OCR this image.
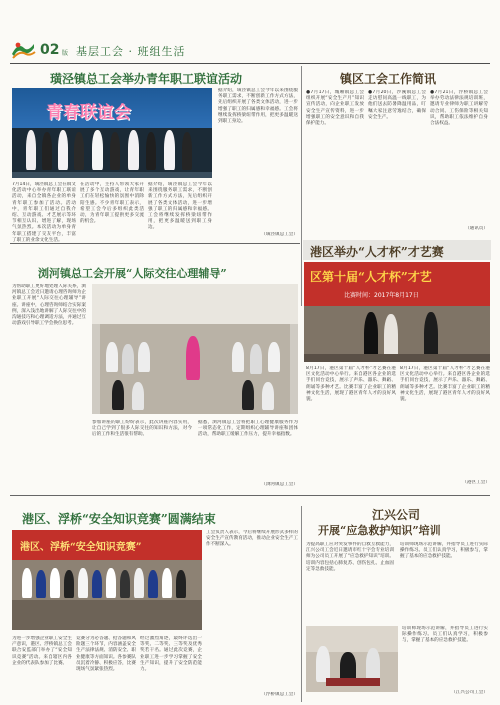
02 版 基层工会 · 班组生活
璜泾镇总工会举办青年职工联谊活动
青春联谊会
7月14日，璜泾镇总工会在镇文化活动中心举办青年职工联谊活动，来自全镇各企业的单身青年职工参加了活动。活动中，青年职工们通过自我介绍、互动游戏、才艺展示等环节相互认识、增进了解，现场气氛热烈。本次活动为单身青年职工搭建了交友平台，丰富了职工的业余文化生活。
在活动中，主持人带领大家开展了多个互动游戏，让青年职工们在轻松愉快的氛围中消除陪生感。不少青年职工表示，希望工会今后多组织此类活动，为青年职工提供更多交流的机会。
据介绍，璜泾镇总工会今年以来围绕服务职工需求，不断创新工作方式方法，先后组织开展了各类文体活动，进一步增强了职工的归属感和幸福感。工会将继续发挥桥梁纽带作用，把更多温暖送到职工身边。
据介绍，璜泾镇总工会今年以来围绕服务职工需求，不断创新工作方式方法，先后组织开展了各类文体活动，进一步增强了职工的归属感和幸福感。工会将继续发挥桥梁纽带作用，把更多温暖送到职工身边。
（璜泾镇总工会）
镇区工会工作简讯
●7月17日，城厢镇总工会组织开展“安全生产月”知识宣传活动，向企业职工发放安全生产宣传资料，进一步增强职工的安全意识和自我保护能力。
●7月20日，沙溪镇总工会走访慰问高温一线职工，为他们送去防暑降温用品，叮嘱大家注意劳逸结合，确保安全生产。
●7月21日，浮桥镇总工会举办劳动法律法规培训班，邀请专业律师为职工讲解劳动合同、工伤保险等相关知识，帮助职工依法维护自身合法权益。
（通讯员）
港区举办“人才杯”才艺赛
区第十届“人才杯”才艺
比赛时间：2017年8月17日
8月17日，港区第十届“人才杯”才艺赛在港区文化活动中心举行。来自港区各企业的选手们同台竞技，展示了声乐、器乐、舞蹈、朗诵等多种才艺。比赛丰富了企业职工的精神文化生活，展现了港区青年人才的良好风貌。
8月17日，港区第十届“人才杯”才艺赛在港区文化活动中心举行。来自港区各企业的选手们同台竞技，展示了声乐、器乐、舞蹈、朗诵等多种才艺。比赛丰富了企业职工的精神文化生活，展现了港区青年人才的良好风貌。
（港区工会）
浏河镇总工会开展“人际交往心理辅导”
为帮助职工更好地处理人际关系，浏河镇总工会近日邀请心理咨询师为企业职工开展“人际交往心理辅导”讲座。讲座中，心理咨询师结合实际案例，深入浅出地讲解了人际交往中的沟通技巧和心理调适方法，并通过互动游戏引导职工学会换位思考。
参加讲座的职工纷纷表示，此次讲座内容实用，让自己学到了很多人际交往的知识和方法，对今后的工作和生活很有帮助。
据悉，浏河镇总工会将把职工心理健康服务作为一项常态化工作，定期组织心理辅导讲座和团体活动，帮助职工缓解工作压力，提升幸福指数。
（浏河镇总工会）
港区、浮桥“安全知识竞赛”圆满结束
港区、浮桥“安全知识竞赛”
为进一步增强企业职工安全生产意识，港区、浮桥镇总工会联合安监部门举办了“安全知识竞赛”活动。来自辖区内各企业的代表队参加了比赛。
竞赛分为必答题、抢答题和风险题三个环节，内容涵盖安全生产法律法规、消防安全、职业健康等方面知识。各参赛队员沉着冷静、积极应答，比赛现场气氛紧张热烈。
经过激烈角逐，最终评选出一等奖、二等奖、三等奖及优秀奖若干名。通过此次竞赛，企业职工进一步学习掌握了安全生产知识，提升了安全防范能力。
工会负责人表示，今后将继续开展形式多样的安全生产宣传教育活动，推动企业安全生产工作不断深入。
（浮桥镇总工会）
江兴公司
开展“应急救护知识”培训
为提高职工应对突发事件的自救互救能力，江兴公司工会近日邀请市红十字会专业培训师为公司员工开展了“应急救护知识”培训。培训内容包括心肺复苏、创伤包扎、止血固定等急救技能。
培训师现场示范讲解，并指导员工进行实际操作练习。员工们认真学习，积极参与，掌握了基本的应急救护技能。
培训师现场示范讲解，并指导员工进行实际操作练习。员工们认真学习，积极参与，掌握了基本的应急救护技能。
（江兴公司工会）
